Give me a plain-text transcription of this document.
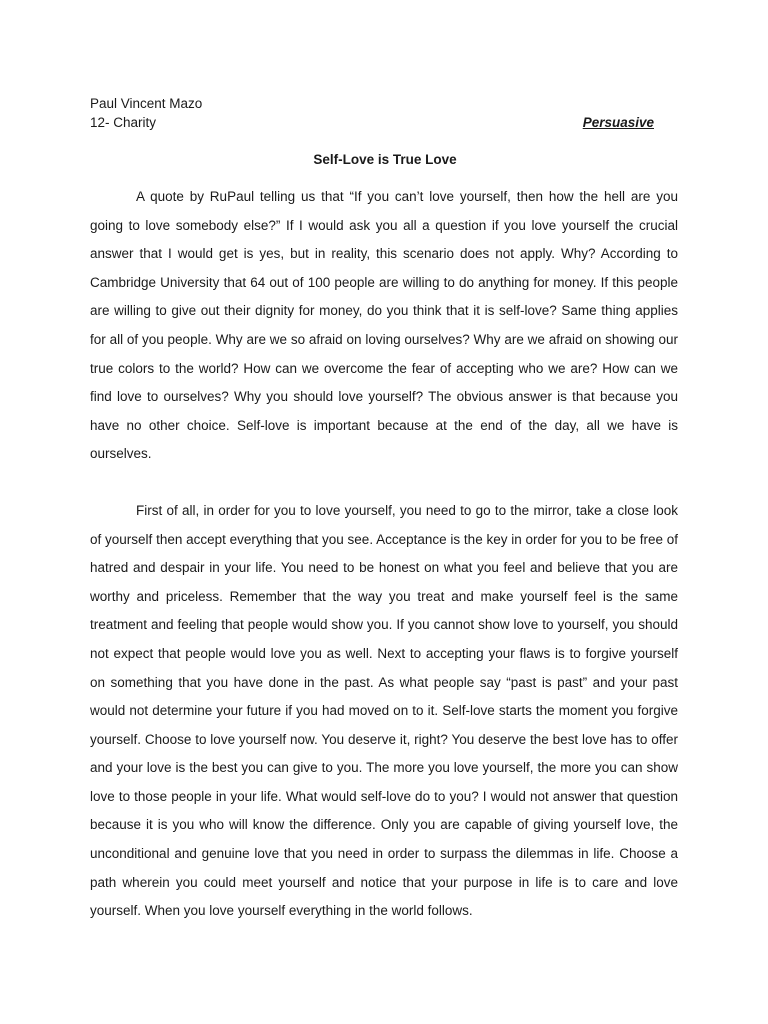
Paul Vincent Mazo
12- Charity	Persuasive
Self-Love is True Love

A quote by RuPaul telling us that “If you can’t love yourself, then how the hell are you going to love somebody else?” If I would ask you all a question if you love yourself the crucial answer that I would get is yes, but in reality, this scenario does not apply. Why? According to Cambridge University that 64 out of 100 people are willing to do anything for money. If this people are willing to give out their dignity for money, do you think that it is self-love? Same thing applies for all of you people. Why are we so afraid on loving ourselves? Why are we afraid on showing our true colors to the world? How can we overcome the fear of accepting who we are? How can we find love to ourselves? Why you should love yourself? The obvious answer is that because you have no other choice. Self-love is important because at the end of the day, all we have is ourselves.

First of all, in order for you to love yourself, you need to go to the mirror, take a close look of yourself then accept everything that you see. Acceptance is the key in order for you to be free of hatred and despair in your life. You need to be honest on what you feel and believe that you are worthy and priceless. Remember that the way you treat and make yourself feel is the same treatment and feeling that people would show you. If you cannot show love to yourself, you should not expect that people would love you as well. Next to accepting your flaws is to forgive yourself on something that you have done in the past. As what people say “past is past” and your past would not determine your future if you had moved on to it. Self-love starts the moment you forgive yourself. Choose to love yourself now. You deserve it, right? You deserve the best love has to offer and your love is the best you can give to you. The more you love yourself, the more you can show love to those people in your life. What would self-love do to you? I would not answer that question because it is you who will know the difference. Only you are capable of giving yourself love, the unconditional and genuine love that you need in order to surpass the dilemmas in life. Choose a path wherein you could meet yourself and notice that your purpose in life is to care and love yourself. When you love yourself everything in the world follows.
